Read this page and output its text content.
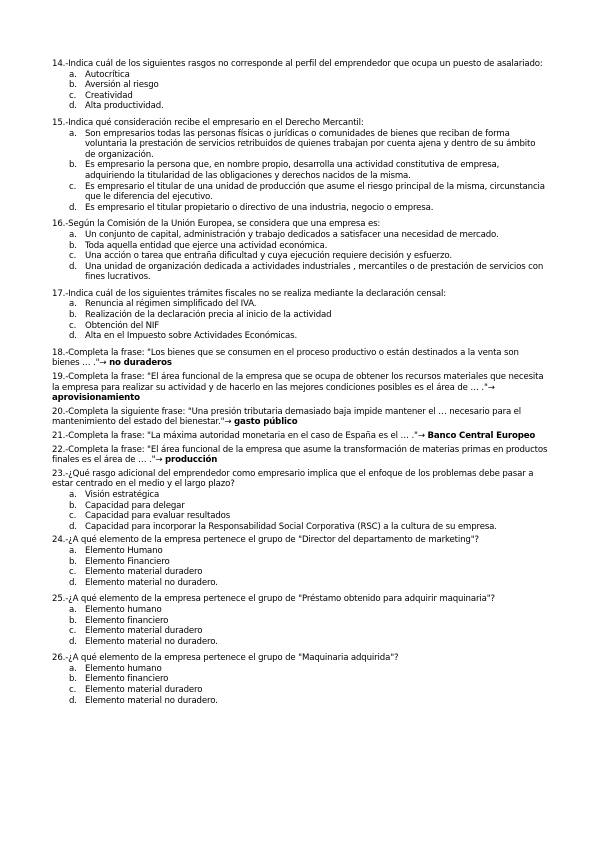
14.-Indica cuál de los siguientes rasgos no corresponde al perfil del emprendedor que ocupa un puesto de asalariado:
a. Autocrítica
b. Aversión al riesgo
c. Creatividad
d. Alta productividad.
15.-Indica qué consideración recibe el empresario en el Derecho Mercantil:
a. Son empresarios todas las personas físicas o jurídicas o comunidades de bienes que reciban de forma voluntaria la prestación de servicios retribuidos de quienes trabajan por cuenta ajena y dentro de su ámbito de organización.
b. Es empresario la persona que, en nombre propio, desarrolla una actividad constitutiva de empresa, adquiriendo la titularidad de las obligaciones y derechos nacidos de la misma.
c. Es empresario el titular de una unidad de producción que asume el riesgo principal de la misma, circunstancia que le diferencia del ejecutivo.
d. Es empresario el titular propietario o directivo de una industria, negocio o empresa.
16.-Según la Comisión de la Unión Europea, se considera que una empresa es:
a. Un conjunto de capital, administración y trabajo dedicados a satisfacer una necesidad de mercado.
b. Toda aquella entidad que ejerce una actividad económica.
c. Una acción o tarea que entraña dificultad y cuya ejecución requiere decisión y esfuerzo.
d. Una unidad de organización dedicada a actividades industriales , mercantiles o de prestación de servicios con fines lucrativos.
17.-Indica cuál de los siguientes trámites fiscales no se realiza mediante la declaración censal:
a. Renuncia al régimen simplificado del IVA.
b. Realización de la declaración precia al inicio de la actividad
c. Obtención del NIF
d. Alta en el Impuesto sobre Actividades Económicas.
18.-Completa la frase: "Los bienes que se consumen en el proceso productivo o están destinados a la venta son bienes … ."→ no duraderos
19.-Completa la frase: "El área funcional de la empresa que se ocupa de obtener los recursos materiales que necesita la empresa para realizar su actividad y de hacerlo en las mejores condiciones posibles es el área de … ."→ aprovisionamiento
20.-Completa la siguiente frase: "Una presión tributaria demasiado baja impide mantener el … necesario para el mantenimiento del estado del bienestar."→ gasto público
21.-Completa la frase: "La máxima autoridad monetaria en el caso de España es el … ."→ Banco Central Europeo
22.-Completa la frase: "El área funcional de la empresa que asume la transformación de materias primas en productos finales es el área de … ."→ producción
23.-¿Qué rasgo adicional del emprendedor como empresario implica que el enfoque de los problemas debe pasar a estar centrado en el medio y el largo plazo?
a. Visión estratégica
b. Capacidad para delegar
c. Capacidad para evaluar resultados
d. Capacidad para incorporar la Responsabilidad Social Corporativa (RSC) a la cultura de su empresa.
24.-¿A qué elemento de la empresa pertenece el grupo de "Director del departamento de marketing"?
a. Elemento Humano
b. Elemento Financiero
c. Elemento material duradero
d. Elemento material no duradero.
25.-¿A qué elemento de la empresa pertenece el grupo de "Préstamo obtenido para adquirir maquinaria"?
a. Elemento humano
b. Elemento financiero
c. Elemento material duradero
d. Elemento material no duradero.
26.-¿A qué elemento de la empresa pertenece el grupo de "Maquinaria adquirida"?
a. Elemento humano
b. Elemento financiero
c. Elemento material duradero
d. Elemento material no duradero.
